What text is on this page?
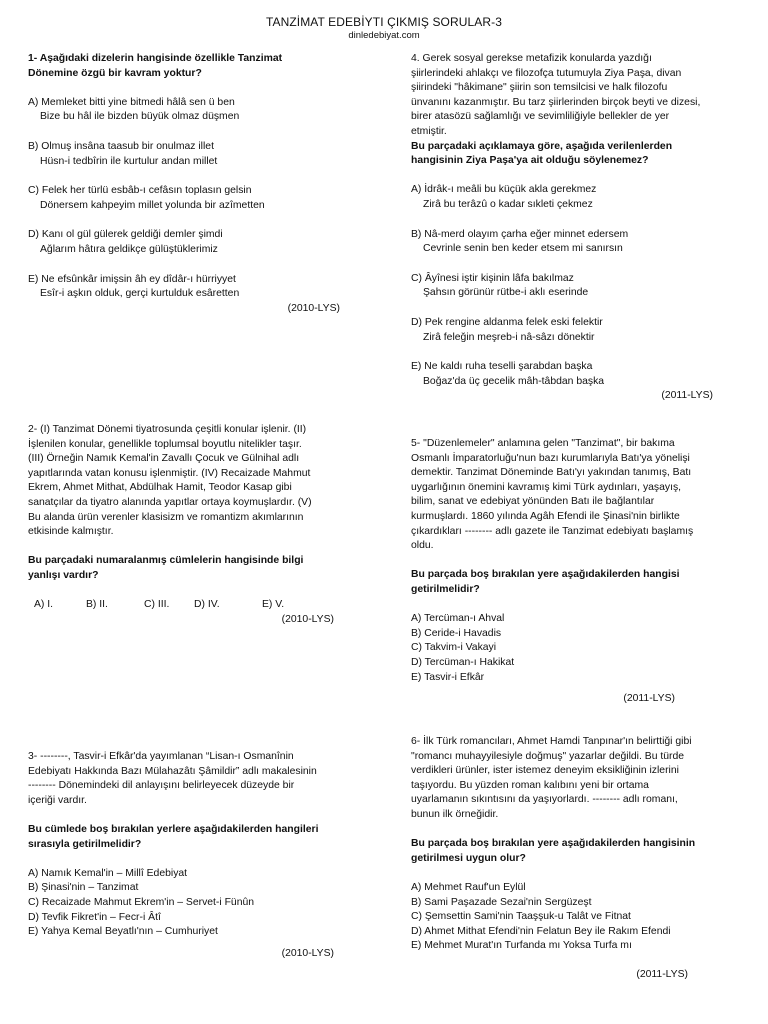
TANZİMAT EDEBİYTI ÇIKMIŞ SORULAR-3
dinledebiyat.com

1- Aşağıdaki dizelerin hangisinde özellikle Tanzimat

Dönemine özgü bir kavram yoktur?

A) Memleket bitti yine bitmedi hâlâ sen ü ben

Bize bu hâl ile bizden büyük olmaz düşmen

B) Olmuş insâna taasub bir onulmaz illet

Hüsn-i tedbîrin ile kurtulur andan millet

C) Felek her türlü esbâb-ı cefâsın toplasın gelsin

Dönersem kahpeyim millet yolunda bir azîmetten

D) Kanı ol gül gülerek geldiği demler şimdi

Ağlarım hâtıra geldikçe gülüştüklerimiz

E) Ne efsûnkâr imişsin âh ey dîdâr-ı hürriyyet

Esîr-i aşkın olduk, gerçi kurtulduk esâretten

(2010-LYS)

2- (I) Tanzimat Dönemi tiyatrosunda çeşitli konular işlenir. (II)

İşlenilen konular, genellikle toplumsal boyutlu nitelikler taşır.

(III) Örneğin Namık Kemal'in Zavallı Çocuk ve Gülnihal adlı

yapıtlarında vatan konusu işlenmiştir. (IV) Recaizade Mahmut

Ekrem, Ahmet Mithat, Abdülhak Hamit, Teodor Kasap gibi

sanatçılar da tiyatro alanında yapıtlar ortaya koymuşlardır. (V)

Bu alanda ürün verenler klasisizm ve romantizm akımlarının

etkisinde kalmıştır.

Bu parçadaki numaralanmış cümlelerin hangisinde bilgi

yanlışı vardır?

A) I.	B) II.	C) III.	D) IV.	E) V.

(2010-LYS)

3- --------, Tasvir-i Efkâr'da yayımlanan “Lisan-ı Osmanînin

Edebiyatı Hakkında Bazı Mülahazâtı Şâmildir” adlı makalesinin

-------- Dönemindeki dil anlayışını belirleyecek düzeyde bir

içeriği vardır.

Bu cümlede boş bırakılan yerlere aşağıdakilerden hangileri

sırasıyla getirilmelidir?

A) Namık Kemal'in – Millî Edebiyat

B) Şinasi'nin – Tanzimat

C) Recaizade Mahmut Ekrem'in – Servet-i Fünûn

D) Tevfik Fikret'in – Fecr-i Âtî

E) Yahya Kemal Beyatlı'nın – Cumhuriyet

(2010-LYS)

4. Gerek sosyal gerekse metafizik konularda yazdığı

şiirlerindeki ahlakçı ve filozofça tutumuyla Ziya Paşa, divan

şiirindeki "hâkimane" şiirin son temsilcisi ve halk filozofu

ünvanını kazanmıştır. Bu tarz şiirlerinden birçok beyti ve dizesi,

birer atasözü sağlamlığı ve sevimliliğiyle bellekler de yer

etmiştir.

Bu parçadaki açıklamaya göre, aşağıda verilenlerden

hangisinin Ziya Paşa'ya ait olduğu söylenemez?

A) İdrâk-ı meâli bu küçük akla gerekmez

Zirâ bu terâzû o kadar sıkleti çekmez

B) Nâ-merd olayım çarha eğer minnet edersem

Cevrinle senin ben keder etsem mi sanırsın

C) Âyînesi iştir kişinin lâfa bakılmaz

Şahsın görünür rütbe-i aklı eserinde

D) Pek rengine aldanma felek eski felektir

Zirâ feleğin meşreb-i nâ-sâzı dönektir

E) Ne kaldı ruha teselli şarabdan başka

Boğaz'da üç gecelik mâh-tâbdan başka

(2011-LYS)

5- "Düzenlemeler" anlamına gelen "Tanzimat", bir bakıma

Osmanlı İmparatorluğu'nun bazı kurumlarıyla Batı'ya yönelişi

demektir. Tanzimat Döneminde Batı'yı yakından tanımış, Batı

uygarlığının önemini kavramış kimi Türk aydınları, yaşayış,

bilim, sanat ve edebiyat yönünden Batı ile bağlantılar

kurmuşlardı. 1860 yılında Agâh Efendi ile Şinasi'nin birlikte

çıkardıkları -------- adlı gazete ile Tanzimat edebiyatı başlamış

oldu.

Bu parçada boş bırakılan yere aşağıdakilerden hangisi

getirilmelidir?

A) Tercüman-ı Ahval

B) Ceride-i Havadis

C) Takvim-i Vakayi

D) Tercüman-ı Hakikat

E) Tasvir-i Efkâr

(2011-LYS)

6- İlk Türk romancıları, Ahmet Hamdi Tanpınar'ın belirttiği gibi

"romancı muhayyilesiyle doğmuş" yazarlar değildi. Bu türde

verdikleri ürünler, ister istemez deneyim eksikliğinin izlerini

taşıyordu. Bu yüzden roman kalıbını yeni bir ortama

uyarlamanın sıkıntısını da yaşıyorlardı. -------- adlı romanı,

bunun ilk örneğidir.

Bu parçada boş bırakılan yere aşağıdakilerden hangisinin

getirilmesi uygun olur?

A) Mehmet Rauf'un Eylül

B) Sami Paşazade Sezai'nin Sergüzeşt

C) Şemsettin Sami'nin Taaşşuk-u Talât ve Fitnat

D) Ahmet Mithat Efendi'nin Felatun Bey ile Rakım Efendi

E) Mehmet Murat'ın Turfanda mı Yoksa Turfa mı

(2011-LYS)
